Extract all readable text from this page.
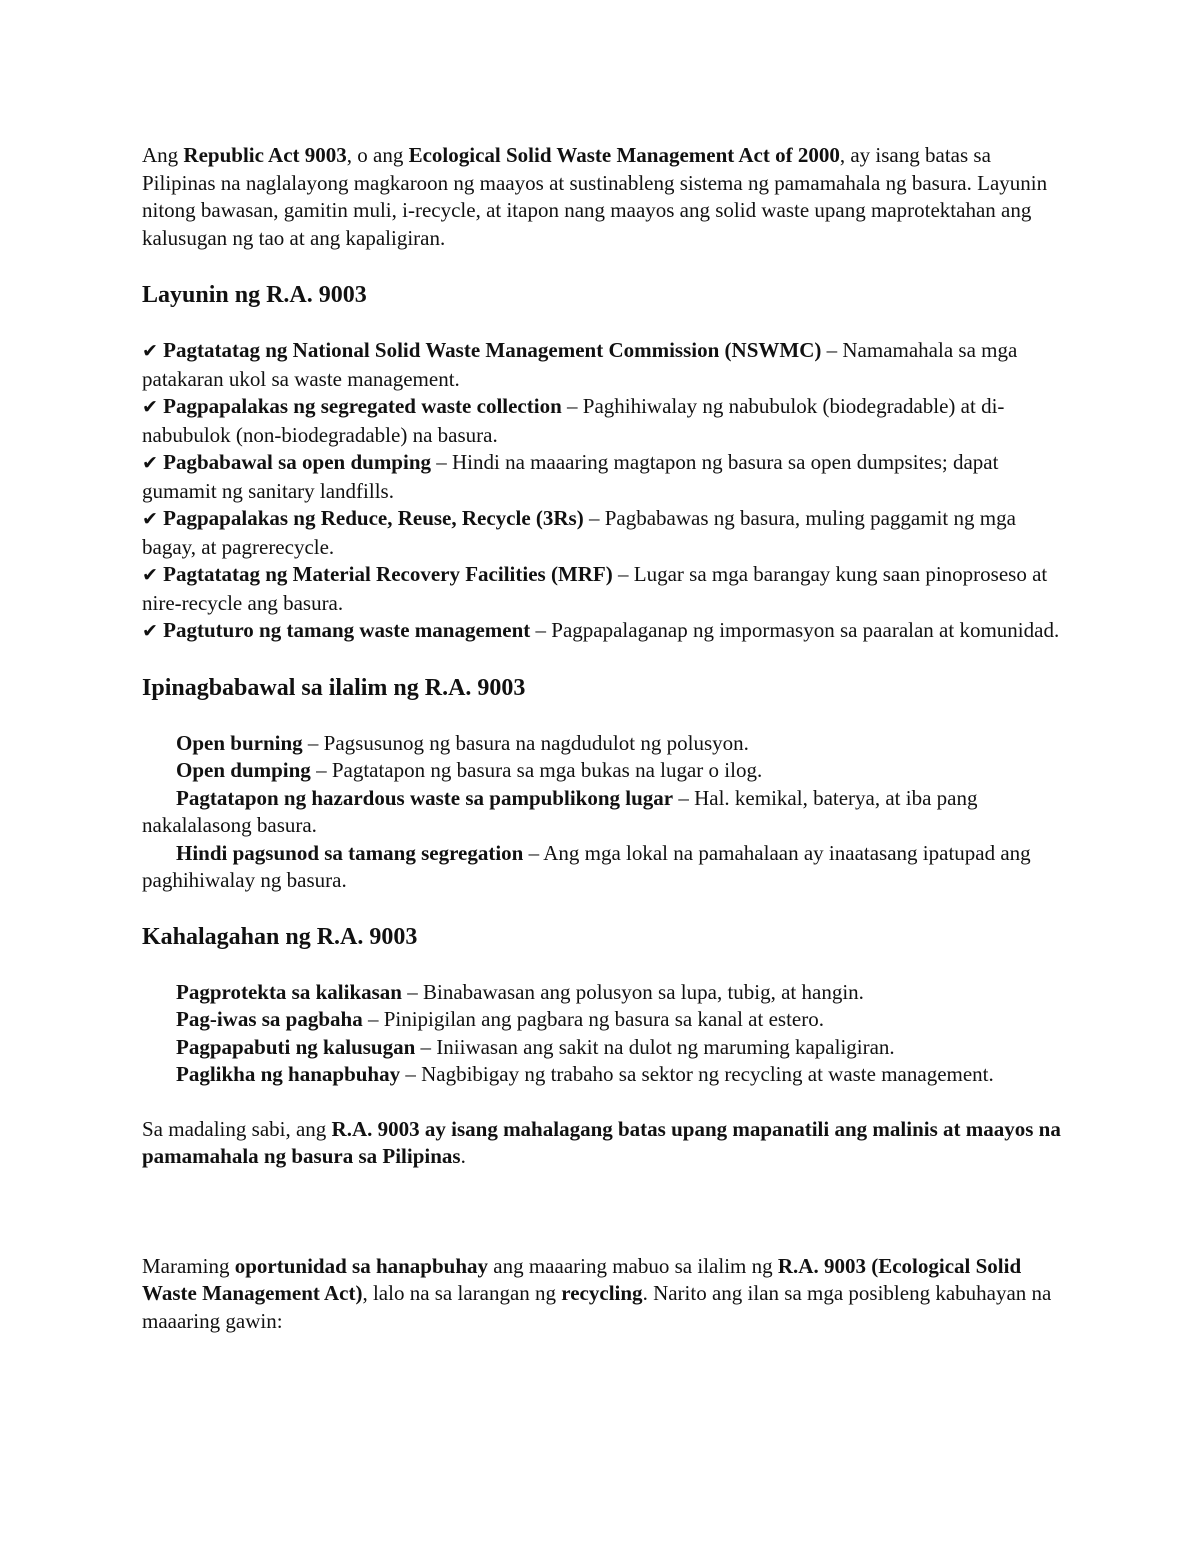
Ang Republic Act 9003, o ang Ecological Solid Waste Management Act of 2000, ay isang batas sa Pilipinas na naglalayong magkaroon ng maayos at sustinableng sistema ng pamamahala ng basura. Layunin nitong bawasan, gamitin muli, i-recycle, at itapon nang maayos ang solid waste upang maprotektahan ang kalusugan ng tao at ang kapaligiran.

Layunin ng R.A. 9003

✔ Pagtatatag ng National Solid Waste Management Commission (NSWMC) – Namamahala sa mga patakaran ukol sa waste management.

✔ Pagpapalakas ng segregated waste collection – Paghihiwalay ng nabubulok (biodegradable) at di-nabubulok (non-biodegradable) na basura.

✔ Pagbabawal sa open dumping – Hindi na maaaring magtapon ng basura sa open dumpsites; dapat gumamit ng sanitary landfills.

✔ Pagpapalakas ng Reduce, Reuse, Recycle (3Rs) – Pagbabawas ng basura, muling paggamit ng mga bagay, at pagrerecycle.

✔ Pagtatatag ng Material Recovery Facilities (MRF) – Lugar sa mga barangay kung saan pinoproseso at nire-recycle ang basura.

✔ Pagtuturo ng tamang waste management – Pagpapalaganap ng impormasyon sa paaralan at komunidad.

Ipinagbabawal sa ilalim ng R.A. 9003

Open burning – Pagsusunog ng basura na nagdudulot ng polusyon.

Open dumping – Pagtatapon ng basura sa mga bukas na lugar o ilog.

Pagtatapon ng hazardous waste sa pampublikong lugar – Hal. kemikal, baterya, at iba pang nakalalasong basura.

Hindi pagsunod sa tamang segregation – Ang mga lokal na pamahalaan ay inaatasang ipatupad ang paghihiwalay ng basura.

Kahalagahan ng R.A. 9003

Pagprotekta sa kalikasan – Binabawasan ang polusyon sa lupa, tubig, at hangin.

Pag-iwas sa pagbaha – Pinipigilan ang pagbara ng basura sa kanal at estero.

Pagpapabuti ng kalusugan – Iniiwasan ang sakit na dulot ng maruming kapaligiran.

Paglikha ng hanapbuhay – Nagbibigay ng trabaho sa sektor ng recycling at waste management.

Sa madaling sabi, ang R.A. 9003 ay isang mahalagang batas upang mapanatili ang malinis at maayos na pamamahala ng basura sa Pilipinas.

Maraming oportunidad sa hanapbuhay ang maaaring mabuo sa ilalim ng R.A. 9003 (Ecological Solid Waste Management Act), lalo na sa larangan ng recycling. Narito ang ilan sa mga posibleng kabuhayan na maaaring gawin:
